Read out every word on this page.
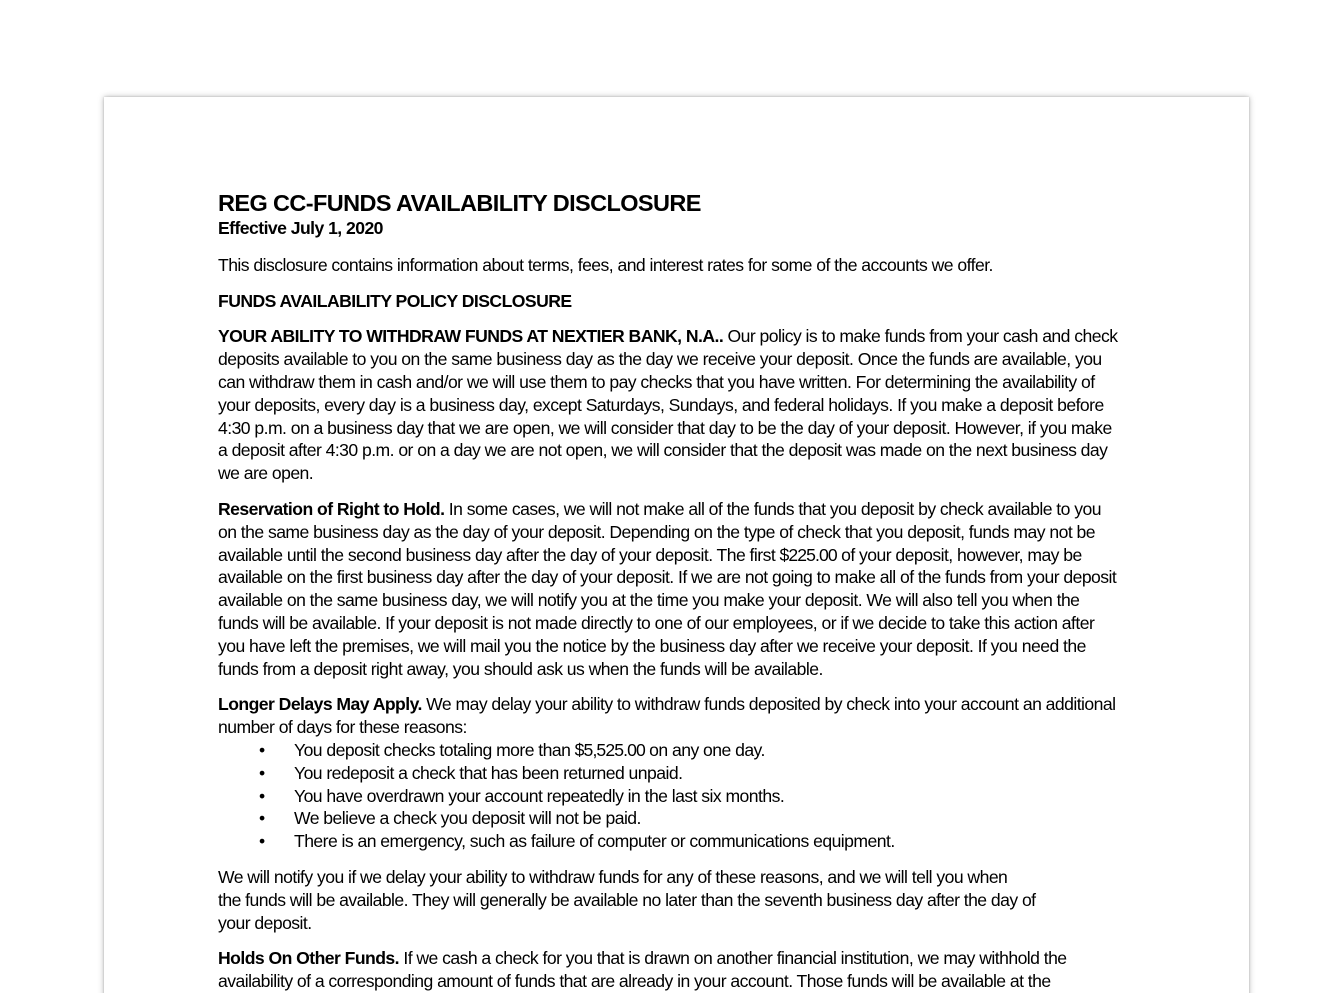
REG CC-FUNDS AVAILABILITY DISCLOSURE
Effective July 1, 2020

This disclosure contains information about terms, fees, and interest rates for some of the accounts we offer.

FUNDS AVAILABILITY POLICY DISCLOSURE

YOUR ABILITY TO WITHDRAW FUNDS AT NEXTIER BANK, N.A.. Our policy is to make funds from your cash and check deposits available to you on the same business day as the day we receive your deposit. Once the funds are available, you can withdraw them in cash and/or we will use them to pay checks that you have written. For determining the availability of your deposits, every day is a business day, except Saturdays, Sundays, and federal holidays. If you make a deposit before 4:30 p.m. on a business day that we are open, we will consider that day to be the day of your deposit. However, if you make a deposit after 4:30 p.m. or on a day we are not open, we will consider that the deposit was made on the next business day we are open.

Reservation of Right to Hold. In some cases, we will not make all of the funds that you deposit by check available to you on the same business day as the day of your deposit. Depending on the type of check that you deposit, funds may not be available until the second business day after the day of your deposit. The first $225.00 of your deposit, however, may be available on the first business day after the day of your deposit. If we are not going to make all of the funds from your deposit available on the same business day, we will notify you at the time you make your deposit. We will also tell you when the funds will be available. If your deposit is not made directly to one of our employees, or if we decide to take this action after you have left the premises, we will mail you the notice by the business day after we receive your deposit. If you need the funds from a deposit right away, you should ask us when the funds will be available.

Longer Delays May Apply. We may delay your ability to withdraw funds deposited by check into your account an additional number of days for these reasons:
• You deposit checks totaling more than $5,525.00 on any one day.
• You redeposit a check that has been returned unpaid.
• You have overdrawn your account repeatedly in the last six months.
• We believe a check you deposit will not be paid.
• There is an emergency, such as failure of computer or communications equipment.

We will notify you if we delay your ability to withdraw funds for any of these reasons, and we will tell you when
the funds will be available. They will generally be available no later than the seventh business day after the day of
your deposit.

Holds On Other Funds. If we cash a check for you that is drawn on another financial institution, we may withhold the availability of a corresponding amount of funds that are already in your account. Those funds will be available at the
